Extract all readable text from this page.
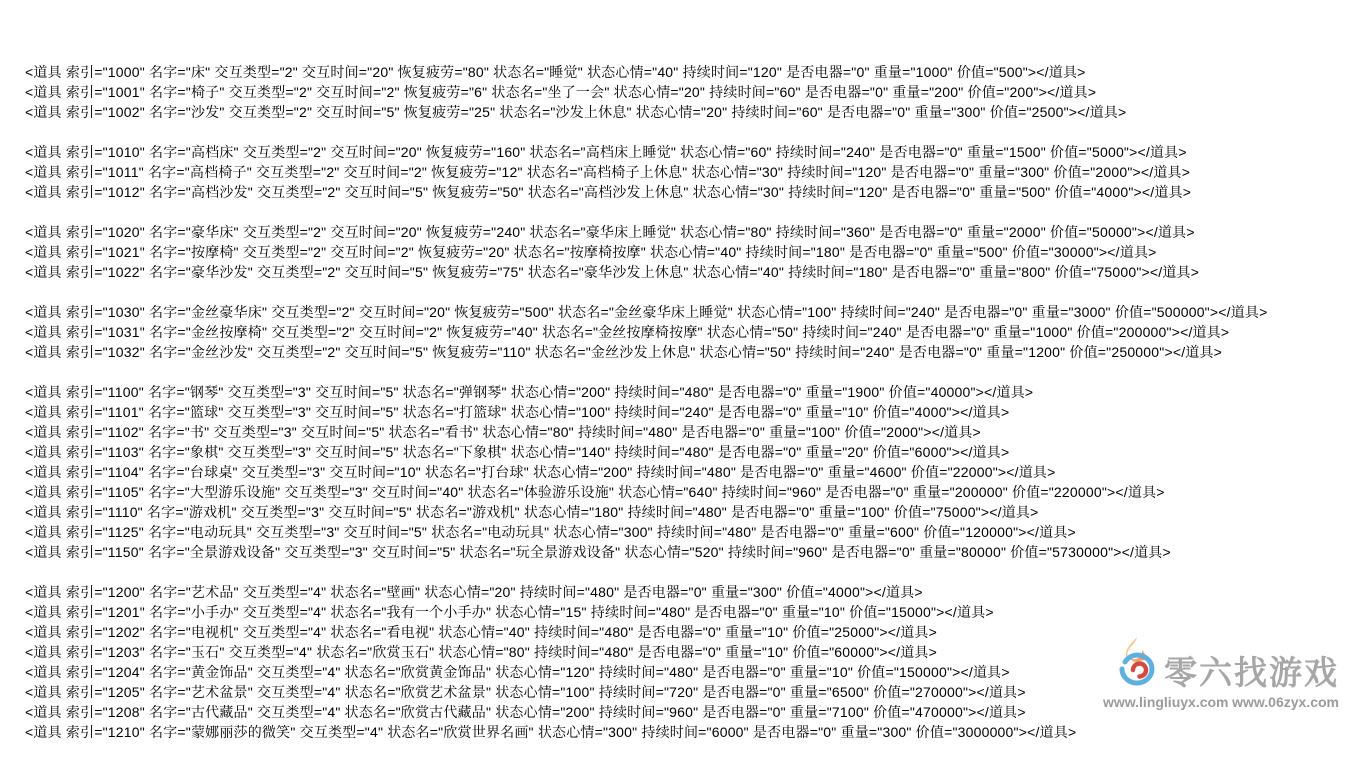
<道具 索引="1000" 名字="床" 交互类型="2" 交互时间="20" 恢复疲劳="80" 状态名="睡觉" 状态心情="40" 持续时间="120" 是否电器="0" 重量="1000" 价值="500"></道具>
<道具 索引="1001" 名字="椅子" 交互类型="2" 交互时间="2" 恢复疲劳="6" 状态名="坐了一会" 状态心情="20" 持续时间="60" 是否电器="0" 重量="200" 价值="200"></道具>
<道具 索引="1002" 名字="沙发" 交互类型="2" 交互时间="5" 恢复疲劳="25" 状态名="沙发上休息" 状态心情="20" 持续时间="60" 是否电器="0" 重量="300" 价值="2500"></道具>
<道具 索引="1010" 名字="高档床" 交互类型="2" 交互时间="20" 恢复疲劳="160" 状态名="高档床上睡觉" 状态心情="60" 持续时间="240" 是否电器="0" 重量="1500" 价值="5000"></道具>
<道具 索引="1011" 名字="高档椅子" 交互类型="2" 交互时间="2" 恢复疲劳="12" 状态名="高档椅子上休息" 状态心情="30" 持续时间="120" 是否电器="0" 重量="300" 价值="2000"></道具>
<道具 索引="1012" 名字="高档沙发" 交互类型="2" 交互时间="5" 恢复疲劳="50" 状态名="高档沙发上休息" 状态心情="30" 持续时间="120" 是否电器="0" 重量="500" 价值="4000"></道具>
<道具 索引="1020" 名字="豪华床" 交互类型="2" 交互时间="20" 恢复疲劳="240" 状态名="豪华床上睡觉" 状态心情="80" 持续时间="360" 是否电器="0" 重量="2000" 价值="50000"></道具>
<道具 索引="1021" 名字="按摩椅" 交互类型="2" 交互时间="2" 恢复疲劳="20" 状态名="按摩椅按摩" 状态心情="40" 持续时间="180" 是否电器="0" 重量="500" 价值="30000"></道具>
<道具 索引="1022" 名字="豪华沙发" 交互类型="2" 交互时间="5" 恢复疲劳="75" 状态名="豪华沙发上休息" 状态心情="40" 持续时间="180" 是否电器="0" 重量="800" 价值="75000"></道具>
<道具 索引="1030" 名字="金丝豪华床" 交互类型="2" 交互时间="20" 恢复疲劳="500" 状态名="金丝豪华床上睡觉" 状态心情="100" 持续时间="240" 是否电器="0" 重量="3000" 价值="500000"></道具>
<道具 索引="1031" 名字="金丝按摩椅" 交互类型="2" 交互时间="2" 恢复疲劳="40" 状态名="金丝按摩椅按摩" 状态心情="50" 持续时间="240" 是否电器="0" 重量="1000" 价值="200000"></道具>
<道具 索引="1032" 名字="金丝沙发" 交互类型="2" 交互时间="5" 恢复疲劳="110" 状态名="金丝沙发上休息" 状态心情="50" 持续时间="240" 是否电器="0" 重量="1200" 价值="250000"></道具>
<道具 索引="1100" 名字="钢琴" 交互类型="3" 交互时间="5" 状态名="弹钢琴" 状态心情="200" 持续时间="480" 是否电器="0" 重量="1900" 价值="40000"></道具>
<道具 索引="1101" 名字="篮球" 交互类型="3" 交互时间="5" 状态名="打篮球" 状态心情="100" 持续时间="240" 是否电器="0" 重量="10" 价值="4000"></道具>
<道具 索引="1102" 名字="书" 交互类型="3" 交互时间="5" 状态名="看书" 状态心情="80" 持续时间="480" 是否电器="0" 重量="100" 价值="2000"></道具>
<道具 索引="1103" 名字="象棋" 交互类型="3" 交互时间="5" 状态名="下象棋" 状态心情="140" 持续时间="480" 是否电器="0" 重量="20" 价值="6000"></道具>
<道具 索引="1104" 名字="台球桌" 交互类型="3" 交互时间="10" 状态名="打台球" 状态心情="200" 持续时间="480" 是否电器="0" 重量="4600" 价值="22000"></道具>
<道具 索引="1105" 名字="大型游乐设施" 交互类型="3" 交互时间="40" 状态名="体验游乐设施" 状态心情="640" 持续时间="960" 是否电器="0" 重量="200000" 价值="220000"></道具>
<道具 索引="1110" 名字="游戏机" 交互类型="3" 交互时间="5" 状态名="游戏机" 状态心情="180" 持续时间="480" 是否电器="0" 重量="100" 价值="75000"></道具>
<道具 索引="1125" 名字="电动玩具" 交互类型="3" 交互时间="5" 状态名="电动玩具" 状态心情="300" 持续时间="480" 是否电器="0" 重量="600" 价值="120000"></道具>
<道具 索引="1150" 名字="全景游戏设备" 交互类型="3" 交互时间="5" 状态名="玩全景游戏设备" 状态心情="520" 持续时间="960" 是否电器="0" 重量="80000" 价值="5730000"></道具>
<道具 索引="1200" 名字="艺术品" 交互类型="4" 状态名="壁画" 状态心情="20" 持续时间="480" 是否电器="0" 重量="300" 价值="4000"></道具>
<道具 索引="1201" 名字="小手办" 交互类型="4" 状态名="我有一个小手办" 状态心情="15" 持续时间="480" 是否电器="0" 重量="10" 价值="15000"></道具>
<道具 索引="1202" 名字="电视机" 交互类型="4" 状态名="看电视" 状态心情="40" 持续时间="480" 是否电器="0" 重量="10" 价值="25000"></道具>
<道具 索引="1203" 名字="玉石" 交互类型="4" 状态名="欣赏玉石" 状态心情="80" 持续时间="480" 是否电器="0" 重量="10" 价值="60000"></道具>
<道具 索引="1204" 名字="黄金饰品" 交互类型="4" 状态名="欣赏黄金饰品" 状态心情="120" 持续时间="480" 是否电器="0" 重量="10" 价值="150000"></道具>
<道具 索引="1205" 名字="艺术盆景" 交互类型="4" 状态名="欣赏艺术盆景" 状态心情="100" 持续时间="720" 是否电器="0" 重量="6500" 价值="270000"></道具>
<道具 索引="1208" 名字="古代藏品" 交互类型="4" 状态名="欣赏古代藏品" 状态心情="200" 持续时间="960" 是否电器="0" 重量="7100" 价值="470000"></道具>
<道具 索引="1210" 名字="蒙娜丽莎的微笑" 交互类型="4" 状态名="欣赏世界名画" 状态心情="300" 持续时间="6000" 是否电器="0" 重量="300" 价值="3000000"></道具>

零六找游戏
www.lingliuyx.com www.06zyx.com
